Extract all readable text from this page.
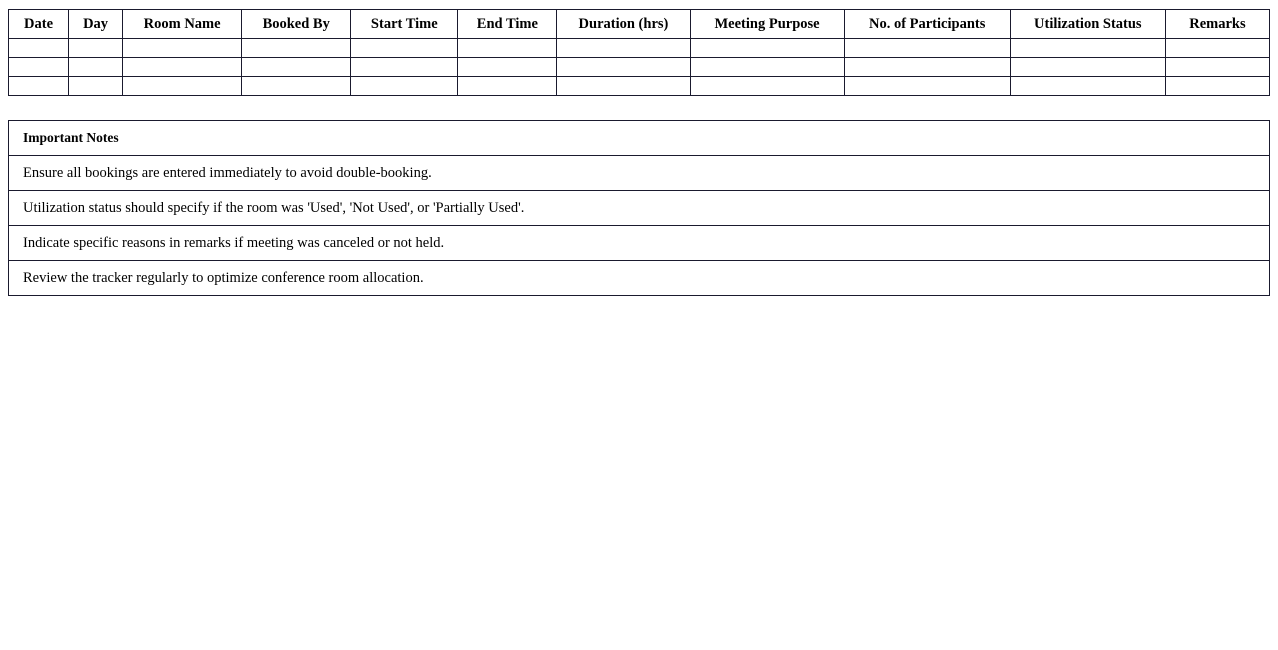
Date	Day	Room Name	Booked By	Start Time	End Time	Duration (hrs)	Meeting Purpose	No. of Participants	Utilization Status	Remarks

Important Notes
Ensure all bookings are entered immediately to avoid double-booking.
Utilization status should specify if the room was 'Used', 'Not Used', or 'Partially Used'.
Indicate specific reasons in remarks if meeting was canceled or not held.
Review the tracker regularly to optimize conference room allocation.
